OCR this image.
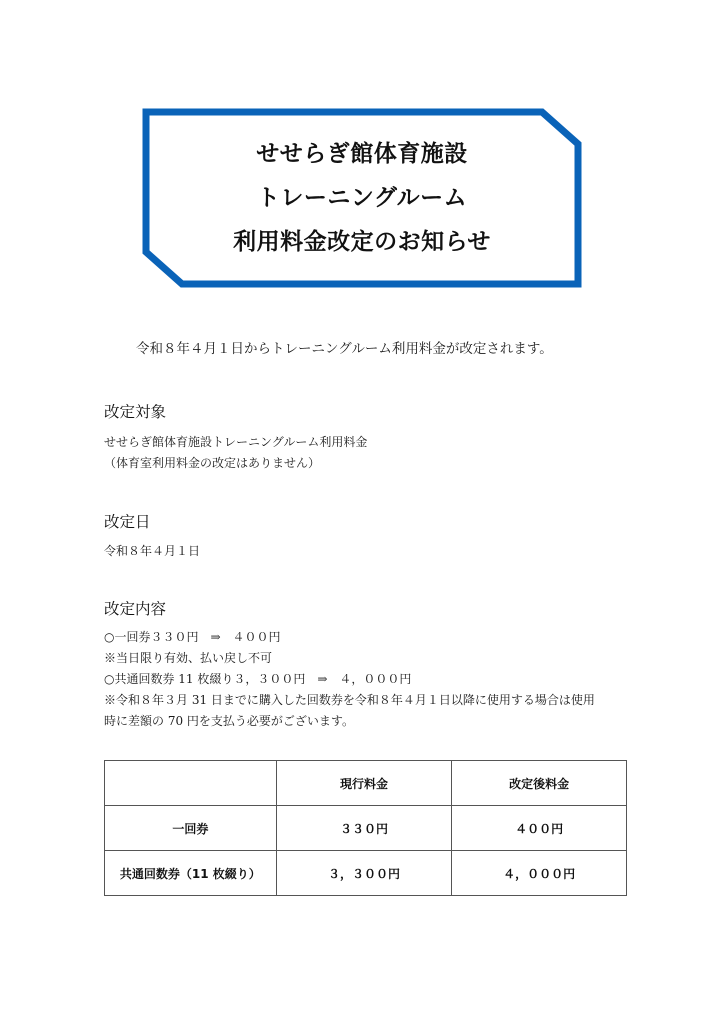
せせらぎ館体育施設
トレーニングルーム
利用料金改定のお知らせ
令和８年４月１日からトレーニングルーム利用料金が改定されます。
改定対象
せせらぎ館体育施設トレーニングルーム利用料金
（体育室利用料金の改定はありません）
改定日
令和８年４月１日
改定内容
○一回券３３０円　⇒　４００円
※当日限り有効、払い戻し不可
○共通回数券 11 枚綴り３，３００円　⇒　４，０００円
※令和８年３月 31 日までに購入した回数券を令和８年４月１日以降に使用する場合は使用
時に差額の 70 円を支払う必要がございます。
	現行料金	改定後料金
一回券	３３０円	４００円
共通回数券（11 枚綴り）	３，３００円	４，０００円
